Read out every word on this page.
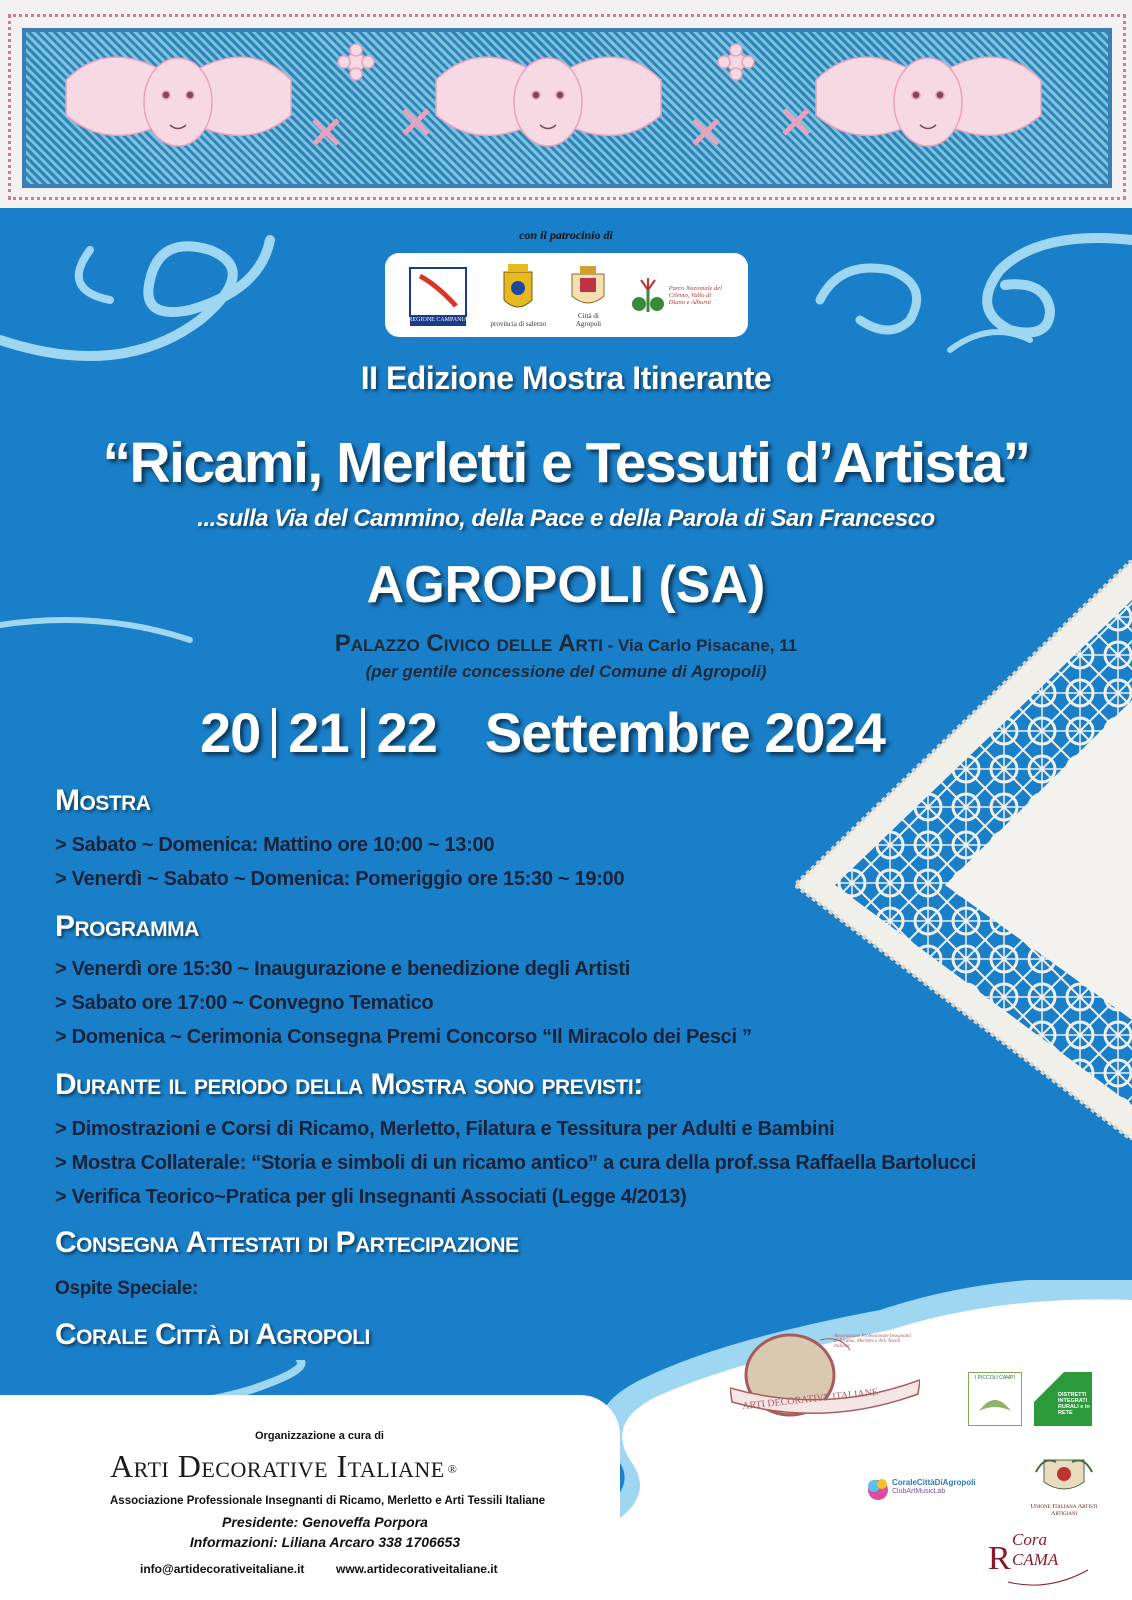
con il patrocinio di
REGIONE CAMPANIA	provincia di salerno
Città di Agropoli
Parco Nazionale del Cilento, Vallo di Diano e Alburni
II Edizione Mostra Itinerante
“Ricami, Merletti e Tessuti d’Artista”
...sulla Via del Cammino, della Pace e della Parola di San Francesco
AGROPOLI (SA)
Palazzo Civico delle Arti - Via Carlo Pisacane, 11
(per gentile concessione del Comune di Agropoli)
20 21 22 Settembre 2024
Mostra
> Sabato ~ Domenica: Mattino ore 10:00 ~ 13:00
> Venerdì ~ Sabato ~ Domenica: Pomeriggio ore 15:30 ~ 19:00
Programma
> Venerdì ore 15:30 ~ Inaugurazione e benedizione degli Artisti
> Sabato ore 17:00 ~ Convegno Tematico
> Domenica ~ Cerimonia Consegna Premi Concorso “Il Miracolo dei Pesci ”
Durante il periodo della Mostra sono previsti:
> Dimostrazioni e Corsi di Ricamo, Merletto, Filatura e Tessitura per Adulti e Bambini
> Mostra Collaterale: “Storia e simboli di un ricamo antico” a cura della prof.ssa Raffaella Bartolucci
> Verifica Teorico~Pratica per gli Insegnanti Associati (Legge 4/2013)
Consegna Attestati di Partecipazione
Ospite Speciale:
Corale Città di Agropoli
Organizzazione a cura di
Arti Decorative Italiane ®
Associazione Professionale Insegnanti di Ricamo, Merletto e Arti Tessili Italiane
Presidente: Genoveffa Porpora
Informazioni: Liliana Arcaro 338 1706653
info@artidecorativeitaliane.it	www.artidecorativeitaliane.it
ARTI DECORATIVE ITALIANE
Associazione Professionale Insegnanti di Ricamo, Merletto e Arti Tessili Italiane
I PICCOLI CAMPI
DISTRETTI INTEGRATI RURALI e in RETE
CoraleCittàDiAgropoli
ClubArtMusicLab
Unione Italiana Artisti Artigiani
R
Cora CAMA
